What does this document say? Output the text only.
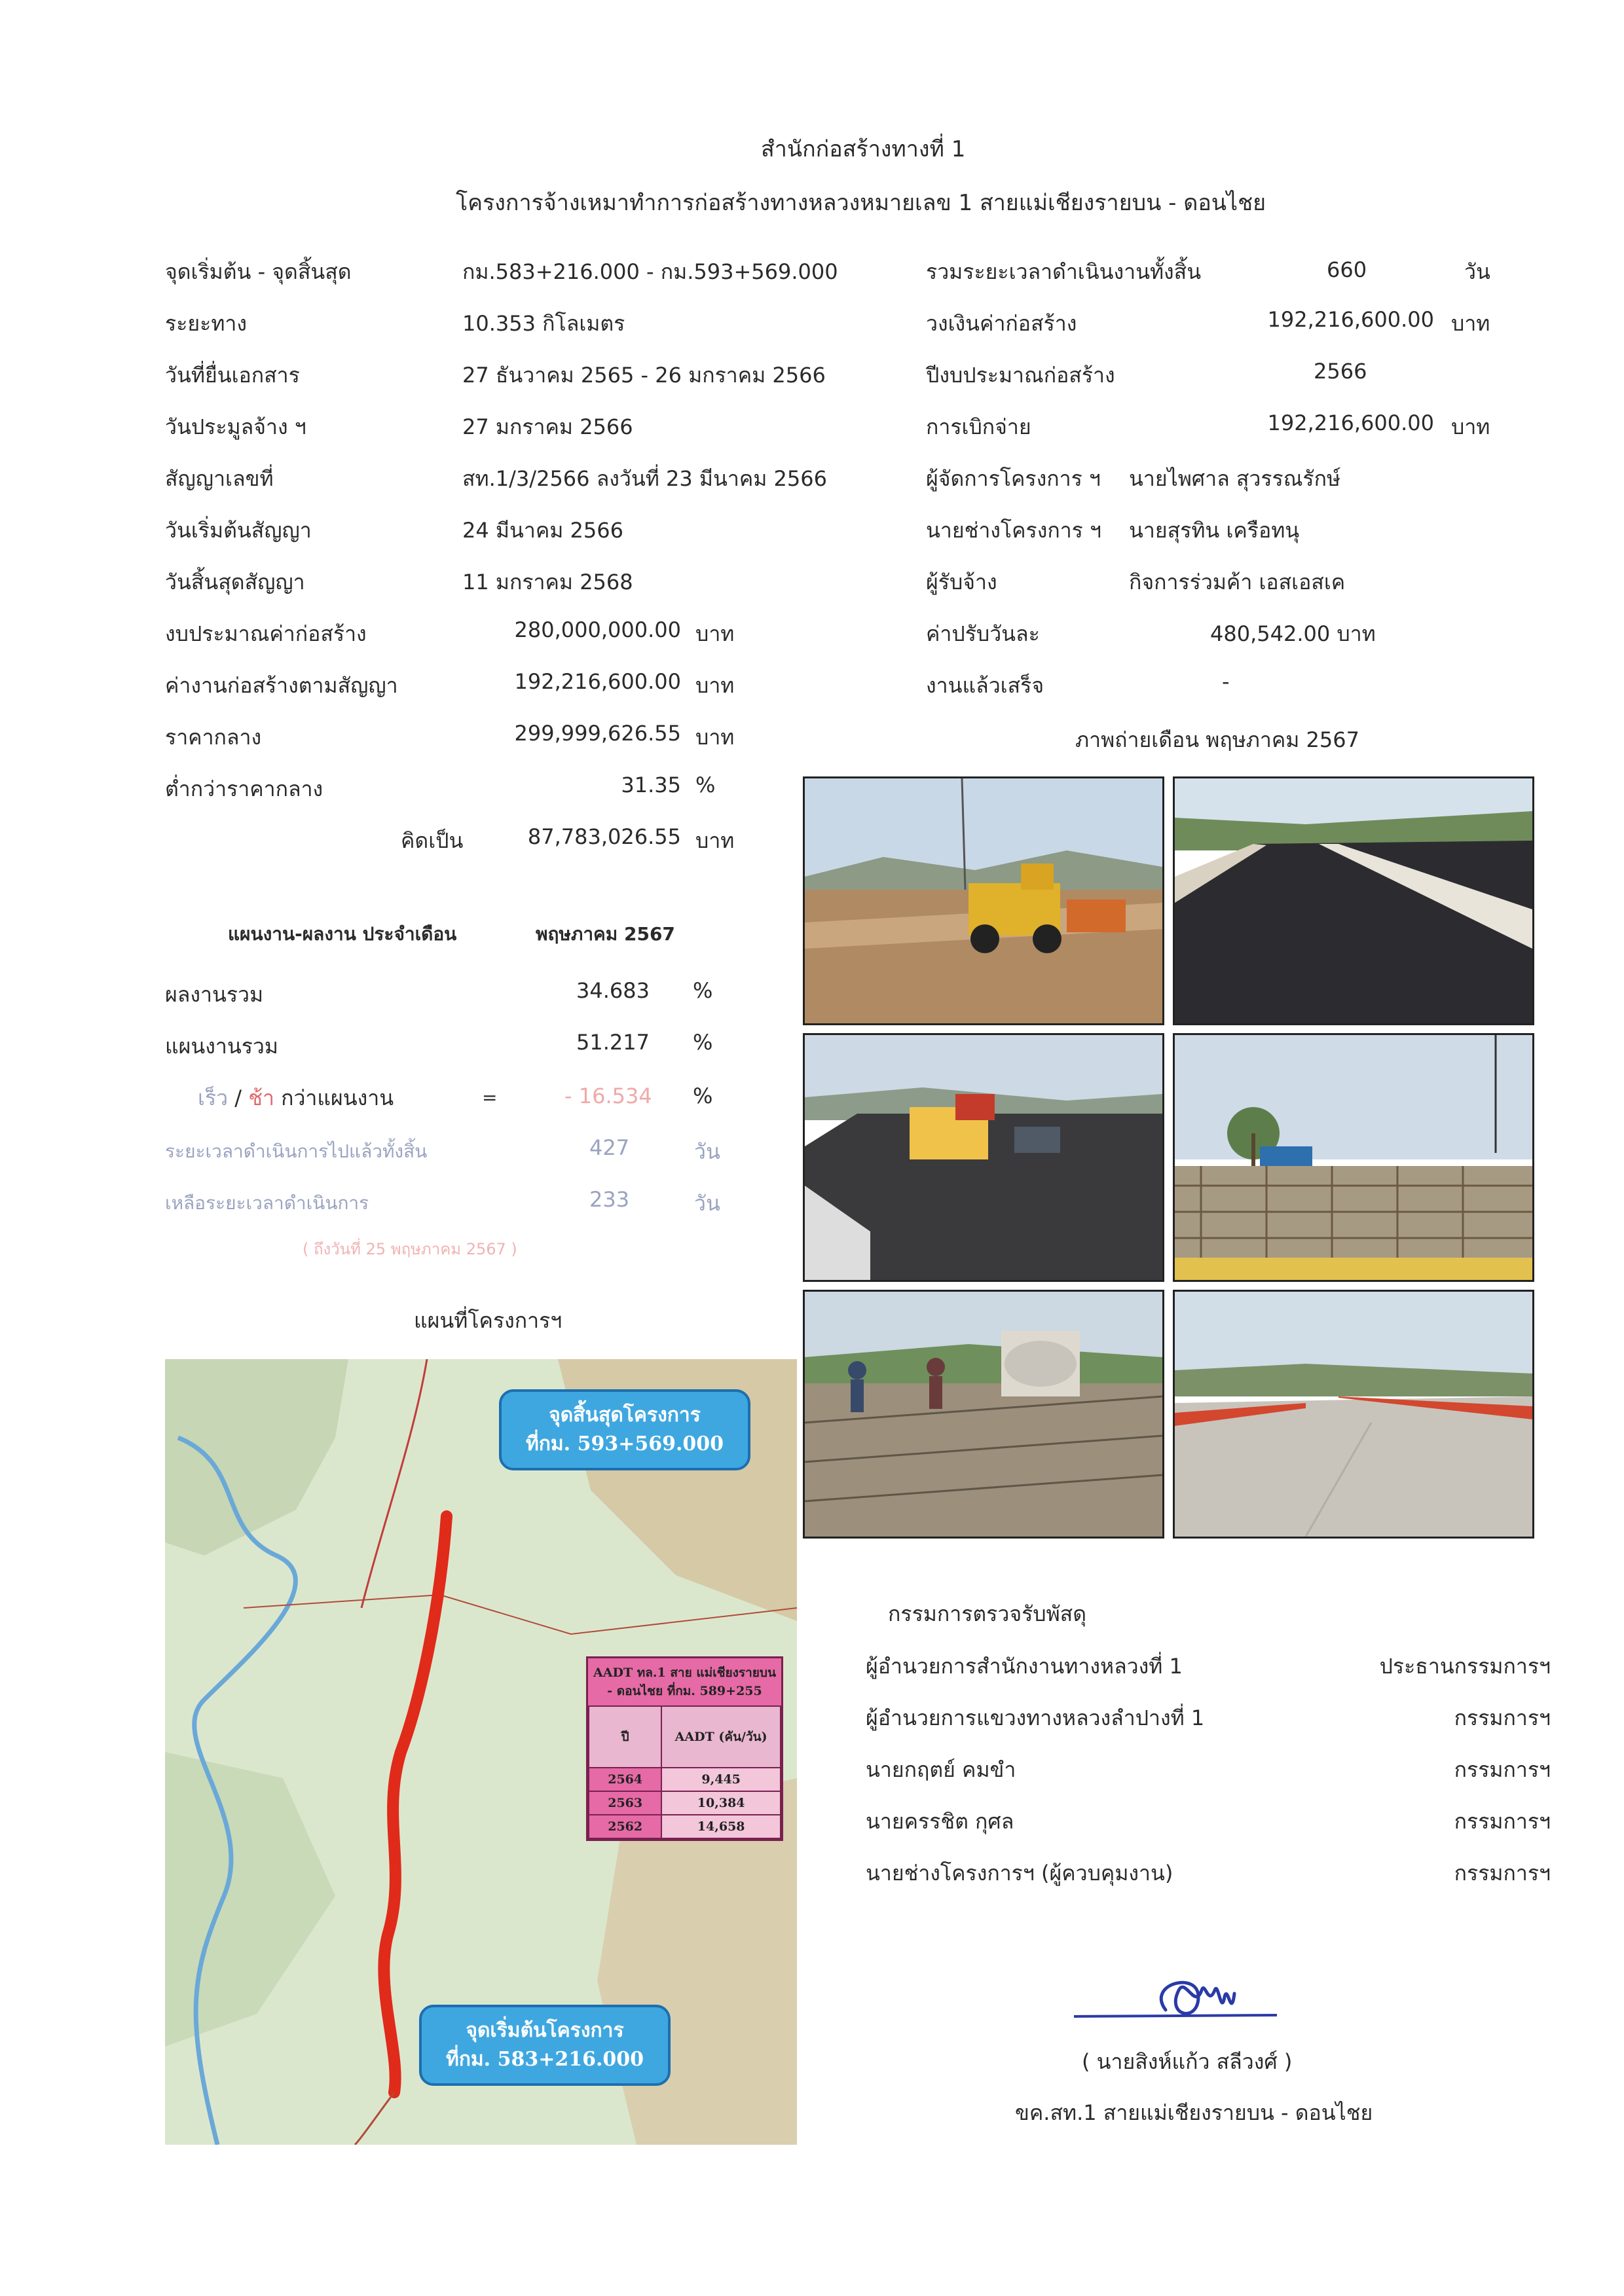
สำนักก่อสร้างทางที่ 1
โครงการจ้างเหมาทำการก่อสร้างทางหลวงหมายเลข 1 สายแม่เชียงรายบน - ดอนไชย
จุดเริ่มต้น - จุดสิ้นสุด	กม.583+216.000 - กม.593+569.000
ระยะทาง	10.353 กิโลเมตร
วันที่ยื่นเอกสาร	27 ธันวาคม 2565 - 26 มกราคม 2566
วันประมูลจ้าง ฯ	27 มกราคม 2566
สัญญาเลขที่	สท.1/3/2566 ลงวันที่ 23 มีนาคม 2566
วันเริ่มต้นสัญญา	24 มีนาคม 2566
วันสิ้นสุดสัญญา	11 มกราคม 2568
งบประมาณค่าก่อสร้าง	280,000,000.00 บาท
ค่างานก่อสร้างตามสัญญา	192,216,600.00 บาท
ราคากลาง	299,999,626.55 บาท
ต่ำกว่าราคากลาง	31.35 %
คิดเป็น	87,783,026.55 บาท
รวมระยะเวลาดำเนินงานทั้งสิ้น	660	วัน
วงเงินค่าก่อสร้าง	192,216,600.00 บาท
ปีงบประมาณก่อสร้าง	2566
การเบิกจ่าย	192,216,600.00 บาท
ผู้จัดการโครงการ ฯ นายไพศาล สุวรรณรักษ์
นายช่างโครงการ ฯ นายสุรทิน เครือทนุ
ผู้รับจ้าง	กิจการร่วมค้า เอสเอสเค
ค่าปรับวันละ	480,542.00 บาท
งานแล้วเสร็จ	-
ภาพถ่ายเดือน พฤษภาคม 2567
แผนงาน-ผลงาน ประจำเดือน	พฤษภาคม 2567
ผลงานรวม	34.683 %
แผนงานรวม	51.217 %
เร็ว / ช้า กว่าแผนงาน	=	- 16.534 %
ระยะเวลาดำเนินการไปแล้วทั้งสิ้น	427	วัน
เหลือระยะเวลาดำเนินการ	233	วัน
( ถึงวันที่ 25 พฤษภาคม 2567 )
แผนที่โครงการฯ
จุดสิ้นสุดโครงการ
ที่กม. 593+569.000
จุดเริ่มต้นโครงการ
ที่กม. 583+216.000
AADT ทล.1 สาย แม่เชียงรายบน - ดอนไชย ที่กม. 589+255
ปี	AADT (คัน/วัน)
2564	9,445
2563	10,384
2562	14,658
กรรมการตรวจรับพัสดุ
ผู้อำนวยการสำนักงานทางหลวงที่ 1	ประธานกรรมการฯ
ผู้อำนวยการแขวงทางหลวงลำปางที่ 1	กรรมการฯ
นายกฤตย์ คมขำ	กรรมการฯ
นายครรชิต กุศล	กรรมการฯ
นายช่างโครงการฯ (ผู้ควบคุมงาน)	กรรมการฯ
( นายสิงห์แก้ว สลีวงศ์ )
ขค.สท.1 สายแม่เชียงรายบน - ดอนไชย
